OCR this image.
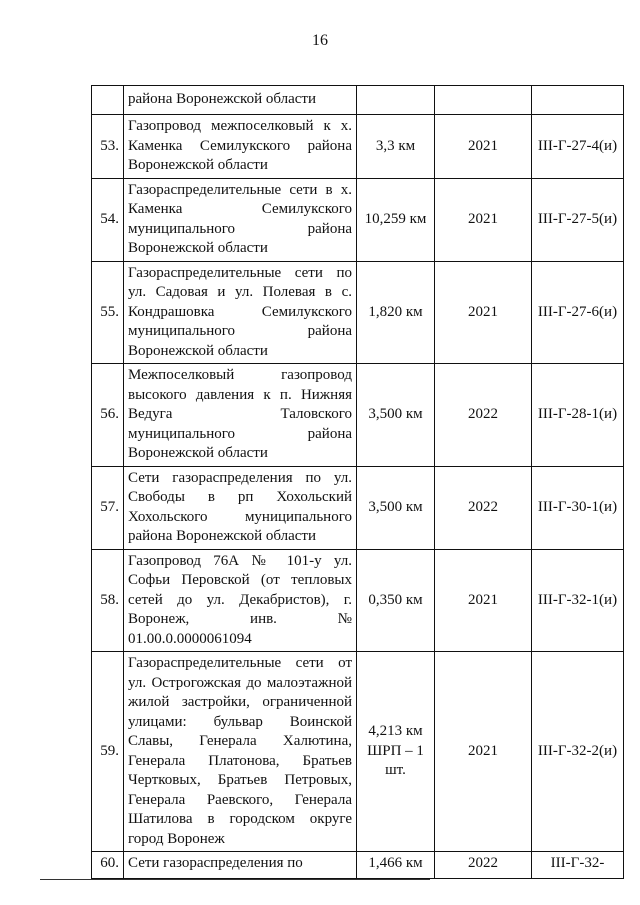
16
	района Воронежской области			
53.	Газопровод межпоселковый к х. Каменка Семилукского района Воронежской области	3,3 км	2021	III-Г-27-4(и)
54.	Газораспределительные сети в х. Каменка Семилукского муниципального района Воронежской области	10,259 км	2021	III-Г-27-5(и)
55.	Газораспределительные сети по ул. Садовая и ул. Полевая в с. Кондрашовка Семилукского муниципального района Воронежской области	1,820 км	2021	III-Г-27-6(и)
56.	Межпоселковый газопровод высокого давления к п. Нижняя Ведуга Таловского муниципального района Воронежской области	3,500 км	2022	III-Г-28-1(и)
57.	Сети газораспределения по ул. Свободы в рп Хохольский Хохольского муниципального района Воронежской области	3,500 км	2022	III-Г-30-1(и)
58.	Газопровод 76А № 101-у ул. Софьи Перовской (от тепловых сетей до ул. Декабристов), г. Воронеж, инв. № 01.00.0.0000061094	0,350 км	2021	III-Г-32-1(и)
59.	Газораспределительные сети от ул. Острогожская до малоэтажной жилой застройки, ограниченной улицами: бульвар Воинской Славы, Генерала Халютина, Генерала Платонова, Братьев Чертковых, Братьев Петровых, Генерала Раевского, Генерала Шатилова в городском округе город Воронеж	4,213 км ШРП – 1 шт.	2021	III-Г-32-2(и)
60.	Сети газораспределения по	1,466 км	2022	III-Г-32-
